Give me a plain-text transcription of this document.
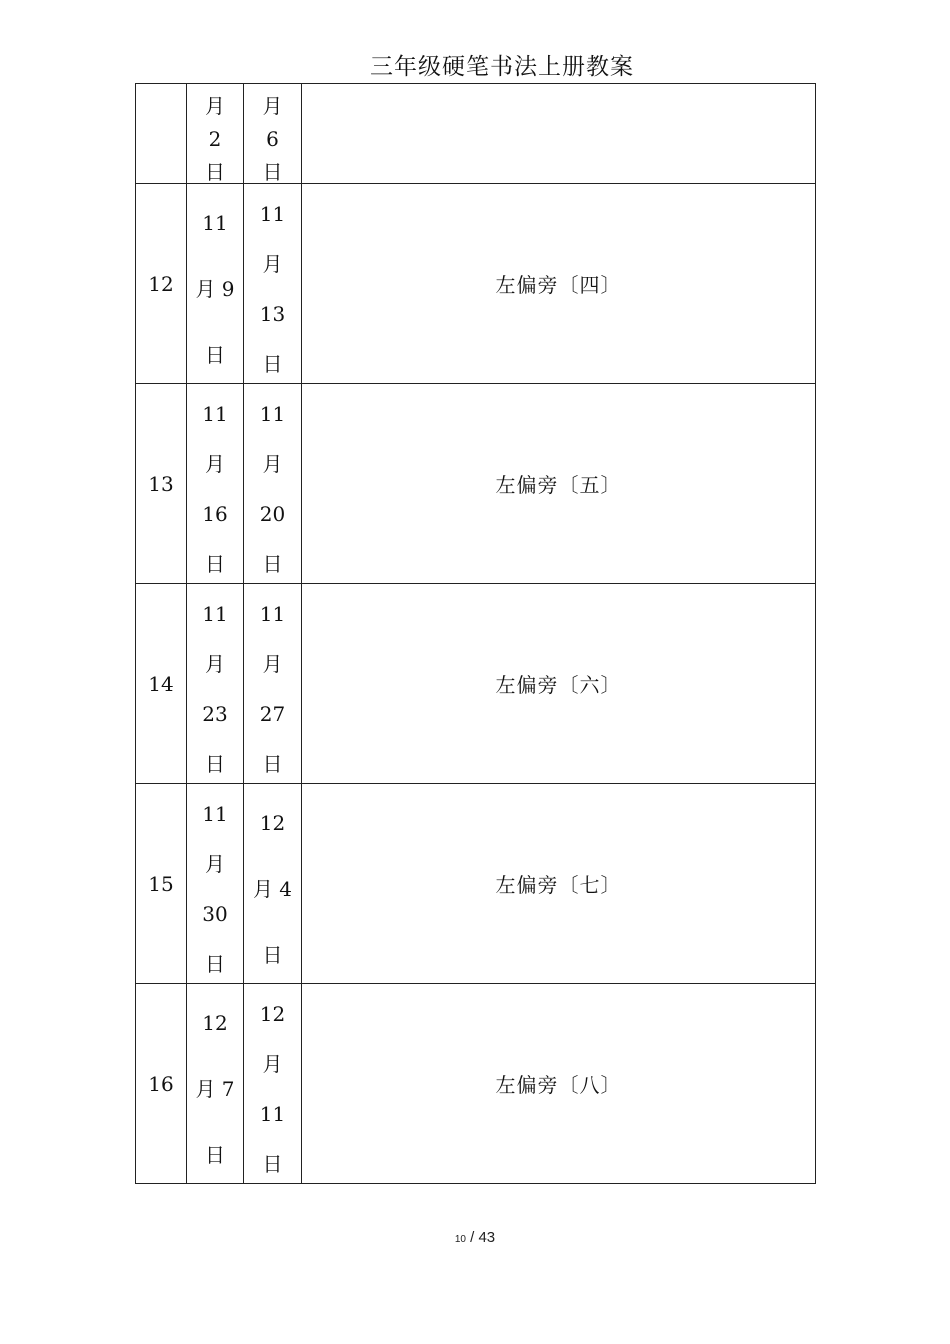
三年级硬笔书法上册教案

	月
2
日	月
6
日	

12	11
月 9
日	11
月
13
日	左偏旁〔四〕
13	11
月
16
日	11
月
20
日	左偏旁〔五〕
14	11
月
23
日	11
月
27
日	左偏旁〔六〕
15	11
月
30
日	12
月 4
日	左偏旁〔七〕
16	12
月 7
日	12
月
11
日	左偏旁〔八〕
10 / 43
